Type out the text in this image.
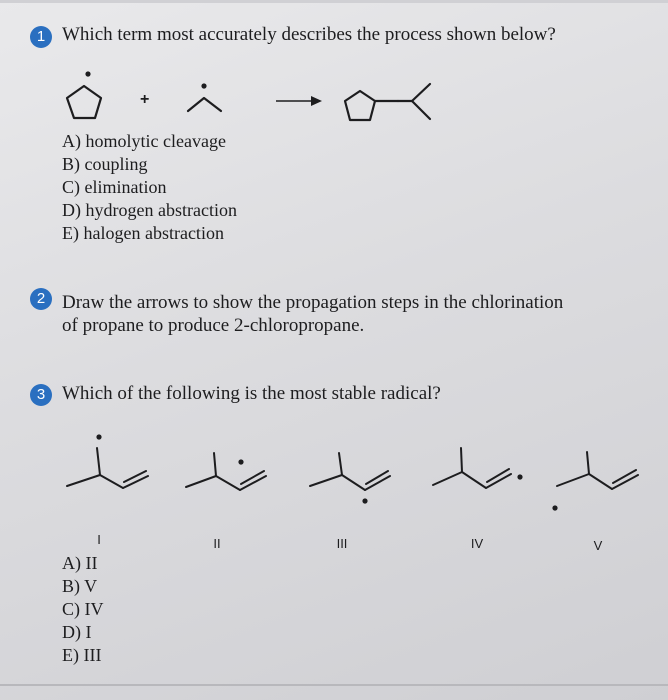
1 Which term most accurately describes the process shown below?
+
A) homolytic cleavage
B) coupling
C) elimination
D) hydrogen abstraction
E) halogen abstraction
2 Draw the arrows to show the propagation steps in the chlorination
of propane to produce 2-chloropropane.
3 Which of the following is the most stable radical?
I	II	III	IV	V
A) II
B) V
C) IV
D) I
E) III
